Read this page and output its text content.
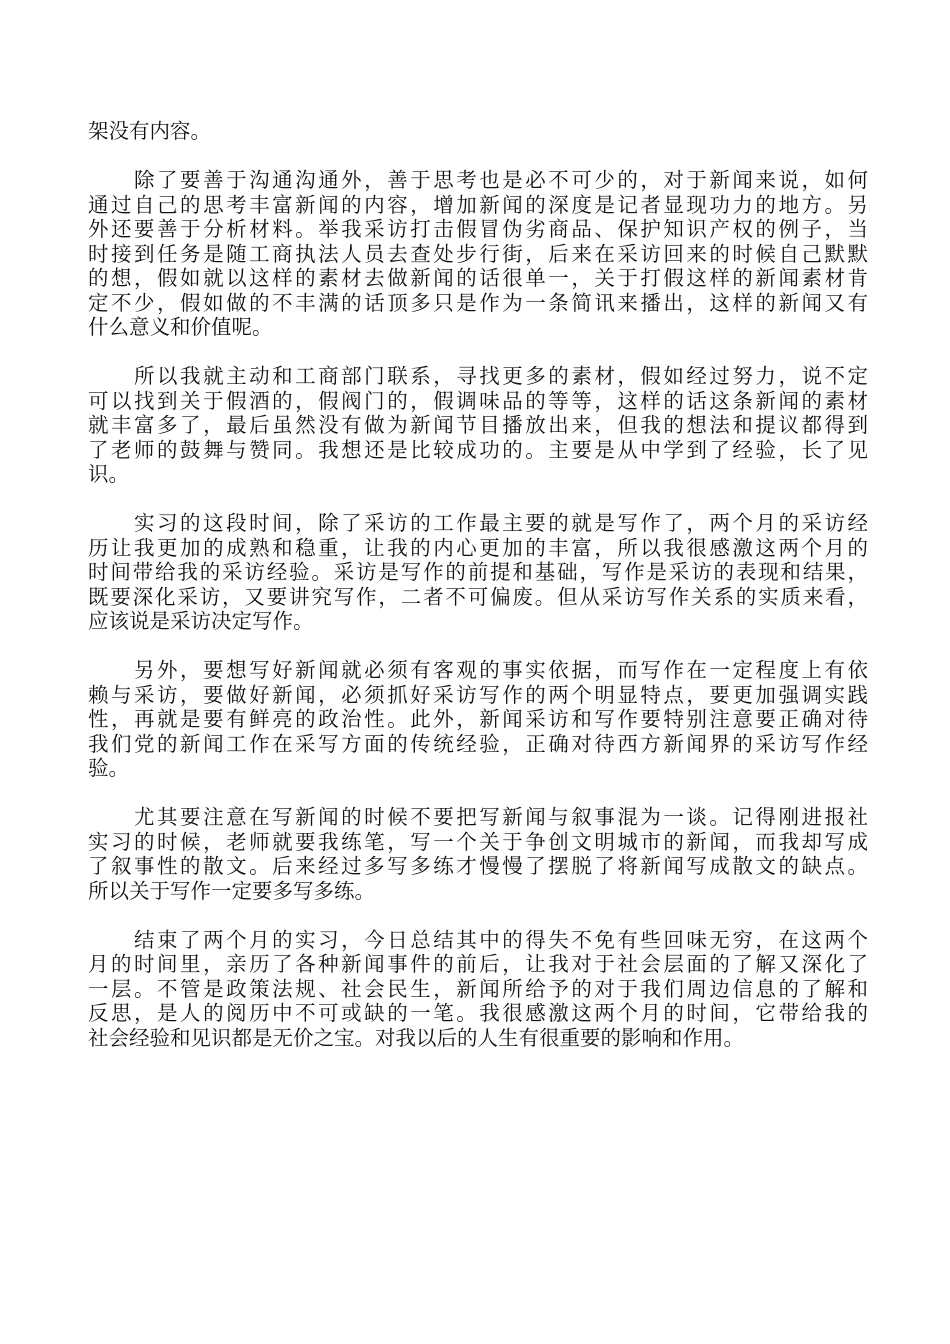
架没有内容。
　　除了要善于沟通沟通外，善于思考也是必不可少的，对于新闻来说，如何
通过自己的思考丰富新闻的内容，增加新闻的深度是记者显现功力的地方。另
外还要善于分析材料。举我采访打击假冒伪劣商品、保护知识产权的例子，当
时接到任务是随工商执法人员去查处步行街，后来在采访回来的时候自己默默
的想，假如就以这样的素材去做新闻的话很单一，关于打假这样的新闻素材肯
定不少，假如做的不丰满的话顶多只是作为一条简讯来播出，这样的新闻又有
什么意义和价值呢。
　　所以我就主动和工商部门联系，寻找更多的素材，假如经过努力，说不定
可以找到关于假酒的，假阀门的，假调味品的等等，这样的话这条新闻的素材
就丰富多了，最后虽然没有做为新闻节目播放出来，但我的想法和提议都得到
了老师的鼓舞与赞同。我想还是比较成功的。主要是从中学到了经验，长了见
识。
　　实习的这段时间，除了采访的工作最主要的就是写作了，两个月的采访经
历让我更加的成熟和稳重，让我的内心更加的丰富，所以我很感激这两个月的
时间带给我的采访经验。采访是写作的前提和基础，写作是采访的表现和结果，
既要深化采访，又要讲究写作，二者不可偏废。但从采访写作关系的实质来看，
应该说是采访决定写作。
　　另外，要想写好新闻就必须有客观的事实依据，而写作在一定程度上有依
赖与采访，要做好新闻，必须抓好采访写作的两个明显特点，要更加强调实践
性，再就是要有鲜亮的政治性。此外，新闻采访和写作要特别注意要正确对待
我们党的新闻工作在采写方面的传统经验，正确对待西方新闻界的采访写作经
验。
　　尤其要注意在写新闻的时候不要把写新闻与叙事混为一谈。记得刚进报社
实习的时候，老师就要我练笔，写一个关于争创文明城市的新闻，而我却写成
了叙事性的散文。后来经过多写多练才慢慢了摆脱了将新闻写成散文的缺点。
所以关于写作一定要多写多练。
　　结束了两个月的实习，今日总结其中的得失不免有些回味无穷，在这两个
月的时间里，亲历了各种新闻事件的前后，让我对于社会层面的了解又深化了
一层。不管是政策法规、社会民生，新闻所给予的对于我们周边信息的了解和
反思，是人的阅历中不可或缺的一笔。我很感激这两个月的时间，它带给我的
社会经验和见识都是无价之宝。对我以后的人生有很重要的影响和作用。
